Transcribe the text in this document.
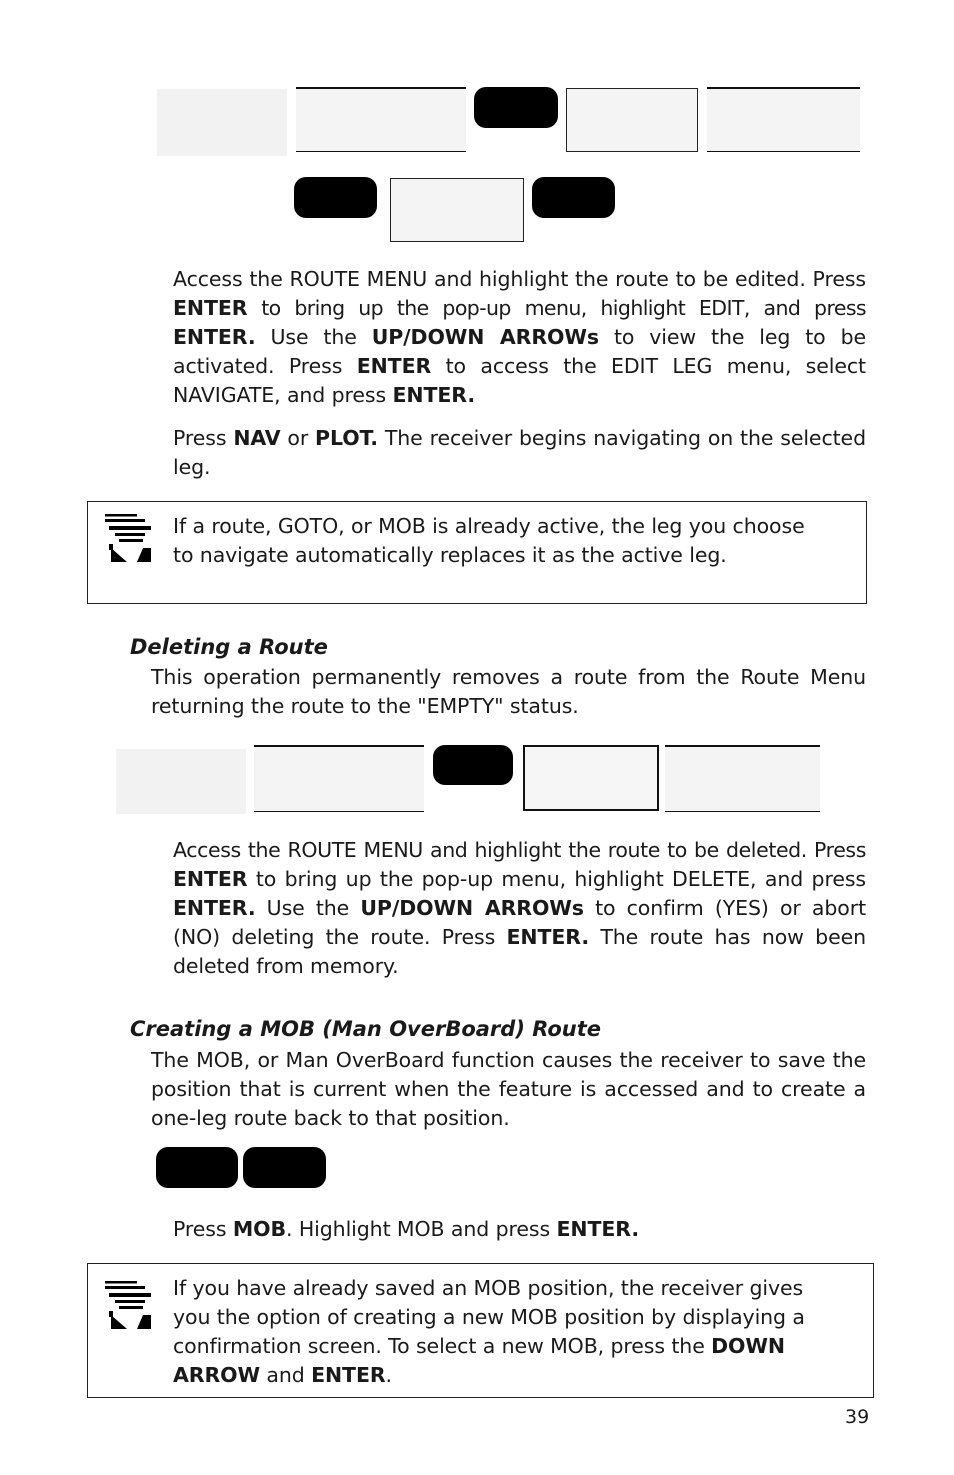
Access the ROUTE MENU and highlight the route to be edited. Press ENTER to bring up the pop-up menu, highlight EDIT, and press ENTER. Use the UP/DOWN ARROWs to view the leg to be activated. Press ENTER to access the EDIT LEG menu, select NAVIGATE, and press ENTER.

Press NAV or PLOT. The receiver begins navigating on the selected leg.

If a route, GOTO, or MOB is already active, the leg you choose to navigate automatically replaces it as the active leg.

Deleting a Route

This operation permanently removes a route from the Route Menu returning the route to the "EMPTY" status.

Access the ROUTE MENU and highlight the route to be deleted. Press ENTER to bring up the pop-up menu, highlight DELETE, and press ENTER. Use the UP/DOWN ARROWs to confirm (YES) or abort (NO) deleting the route. Press ENTER. The route has now been deleted from memory.

Creating a MOB (Man OverBoard) Route

The MOB, or Man OverBoard function causes the receiver to save the position that is current when the feature is accessed and to create a one-leg route back to that position.

Press MOB. Highlight MOB and press ENTER.

If you have already saved an MOB position, the receiver gives you the option of creating a new MOB position by displaying a confirmation screen. To select a new MOB, press the DOWN ARROW and ENTER.

39
